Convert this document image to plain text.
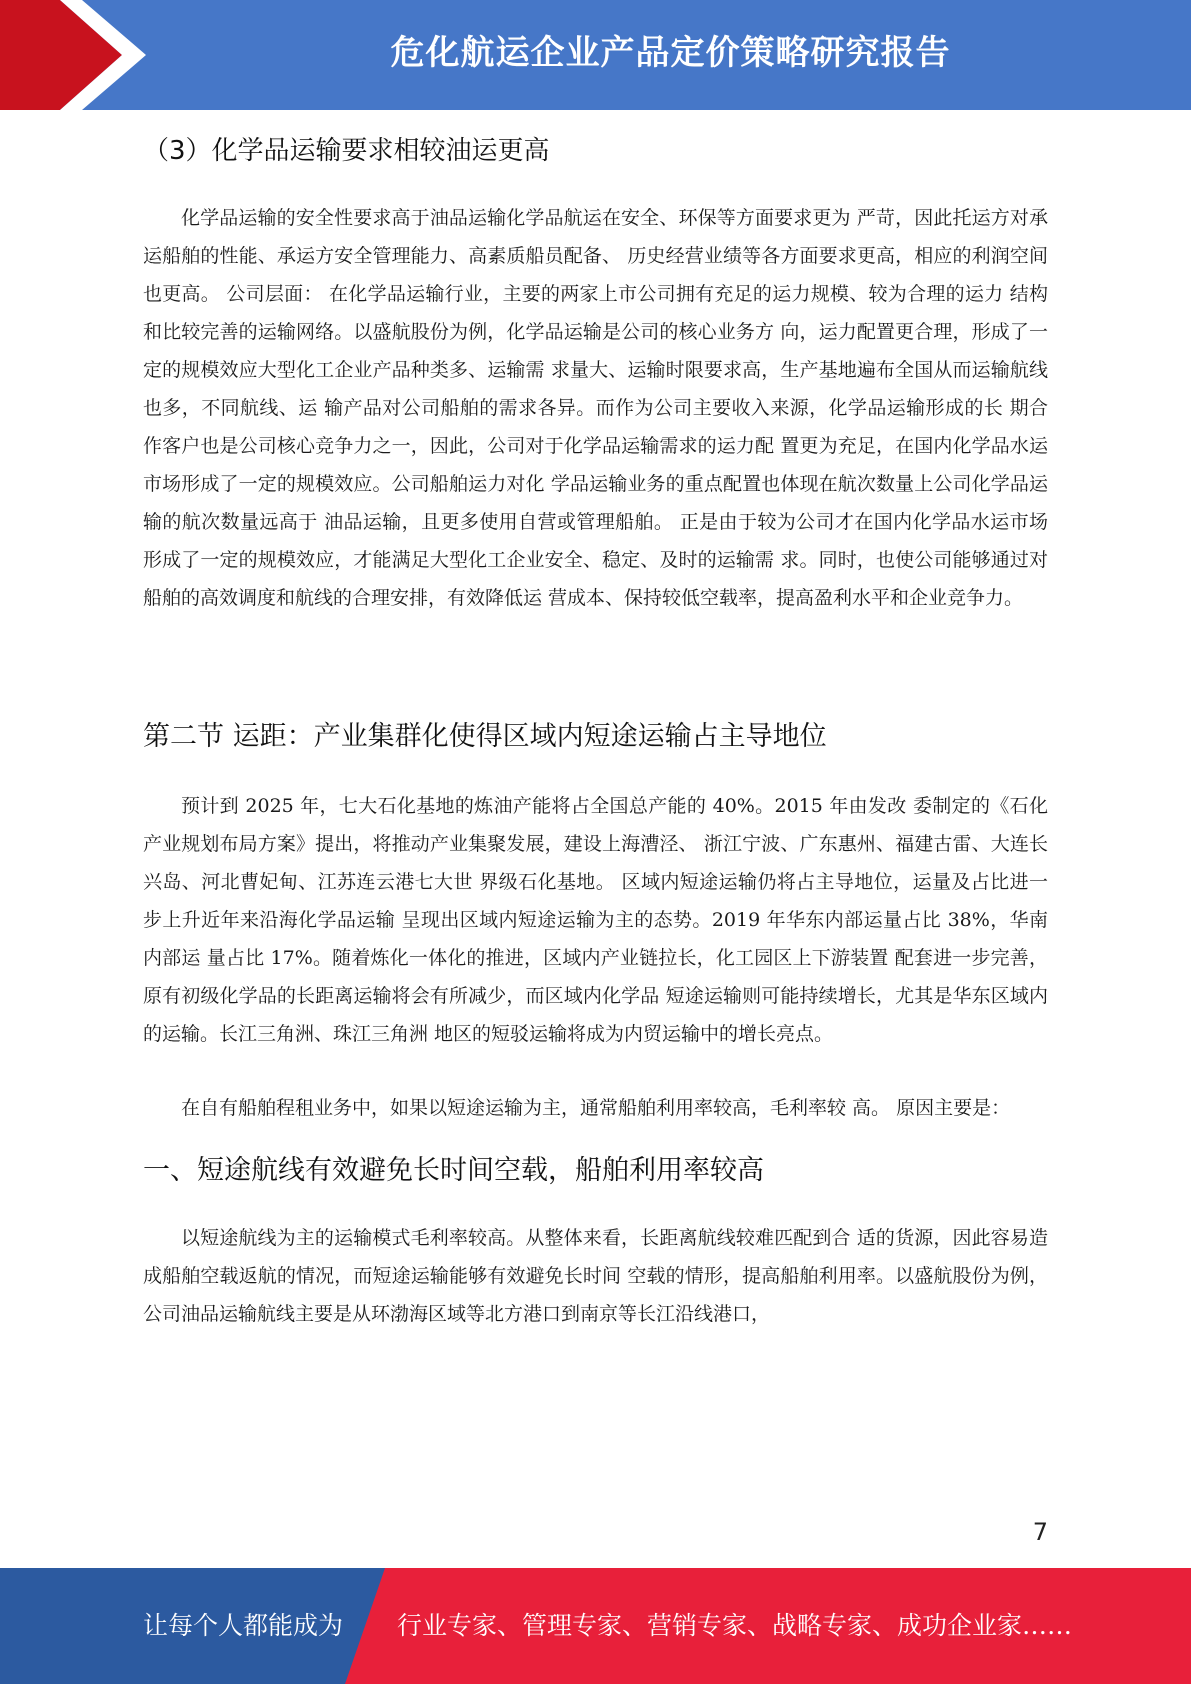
危化航运企业产品定价策略研究报告
（3）化学品运输要求相较油运更高

化学品运输的安全性要求高于油品运输化学品航运在安全、环保等方面要求更为 严苛，因此托运方对承运船舶的性能、承运方安全管理能力、高素质船员配备、 历史经营业绩等各方面要求更高，相应的利润空间也更高。 公司层面： 在化学品运输行业，主要的两家上市公司拥有充足的运力规模、较为合理的运力 结构和比较完善的运输网络。以盛航股份为例，化学品运输是公司的核心业务方 向，运力配置更合理，形成了一定的规模效应大型化工企业产品种类多、运输需 求量大、运输时限要求高，生产基地遍布全国从而运输航线也多，不同航线、运 输产品对公司船舶的需求各异。而作为公司主要收入来源，化学品运输形成的长 期合作客户也是公司核心竞争力之一，因此，公司对于化学品运输需求的运力配 置更为充足，在国内化学品水运市场形成了一定的规模效应。公司船舶运力对化 学品运输业务的重点配置也体现在航次数量上公司化学品运输的航次数量远高于 油品运输，且更多使用自营或管理船舶。 正是由于较为公司才在国内化学品水运市场形成了一定的规模效应，才能满足大型化工企业安全、稳定、及时的运输需 求。同时，也使公司能够通过对船舶的高效调度和航线的合理安排，有效降低运 营成本、保持较低空载率，提高盈利水平和企业竞争力。

第二节 运距：产业集群化使得区域内短途运输占主导地位

预计到 2025 年，七大石化基地的炼油产能将占全国总产能的 40%。2015 年由发改 委制定的《石化产业规划布局方案》提出，将推动产业集聚发展，建设上海漕泾、 浙江宁波、广东惠州、福建古雷、大连长兴岛、河北曹妃甸、江苏连云港七大世 界级石化基地。 区域内短途运输仍将占主导地位，运量及占比进一步上升近年来沿海化学品运输 呈现出区域内短途运输为主的态势。2019 年华东内部运量占比 38%，华南内部运 量占比 17%。随着炼化一体化的推进，区域内产业链拉长，化工园区上下游装置 配套进一步完善，原有初级化学品的长距离运输将会有所减少，而区域内化学品 短途运输则可能持续增长，尤其是华东区域内的运输。长江三角洲、珠江三角洲 地区的短驳运输将成为内贸运输中的增长亮点。

在自有船舶程租业务中，如果以短途运输为主，通常船舶利用率较高，毛利率较 高。 原因主要是：

一、短途航线有效避免长时间空载，船舶利用率较高

以短途航线为主的运输模式毛利率较高。从整体来看，长距离航线较难匹配到合 适的货源，因此容易造成船舶空载返航的情况，而短途运输能够有效避免长时间 空载的情形，提高船舶利用率。以盛航股份为例，公司油品运输航线主要是从环渤海区域等北方港口到南京等长江沿线港口，

7
让每个人都能成为 行业专家、管理专家、营销专家、战略专家、成功企业家……
